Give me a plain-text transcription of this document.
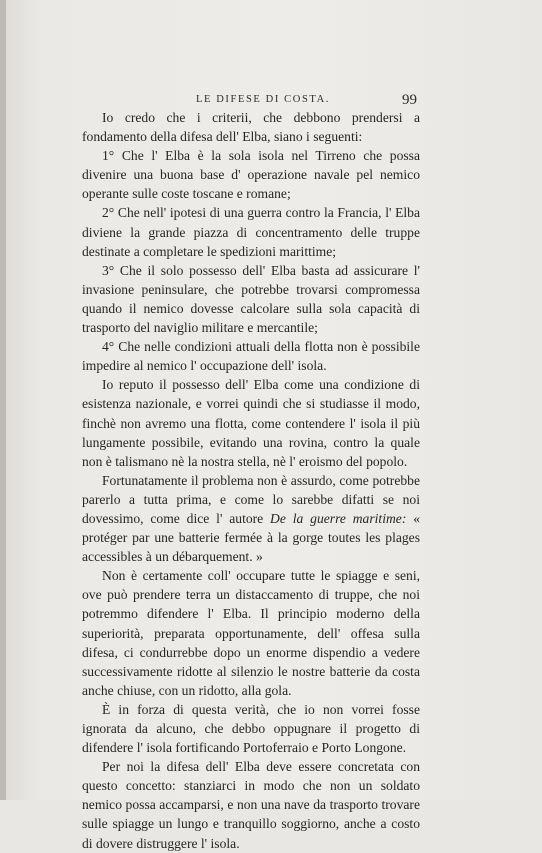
LE DIFESE DI COSTA.	99

Io credo che i criterii, che debbono prendersi a fondamento della difesa dell' Elba, siano i seguenti:

1° Che l' Elba è la sola isola nel Tirreno che possa divenire una buona base d' operazione navale pel nemico operante sulle coste toscane e romane;

2° Che nell' ipotesi di una guerra contro la Francia, l' Elba diviene la grande piazza di concentramento delle truppe destinate a completare le spedizioni marittime;

3° Che il solo possesso dell' Elba basta ad assicurare l' invasione peninsulare, che potrebbe trovarsi compromessa quando il nemico dovesse calcolare sulla sola capacità di trasporto del naviglio militare e mercantile;

4° Che nelle condizioni attuali della flotta non è possibile impedire al nemico l' occupazione dell' isola.

Io reputo il possesso dell' Elba come una condizione di esistenza nazionale, e vorrei quindi che si studiasse il modo, finchè non avremo una flotta, come contendere l' isola il più lungamente possibile, evitando una rovina, contro la quale non è talismano nè la nostra stella, nè l' eroismo del popolo.

Fortunatamente il problema non è assurdo, come potrebbe parerlo a tutta prima, e come lo sarebbe difatti se noi dovessimo, come dice l' autore De la guerre maritime: « protéger par une batterie fermée à la gorge toutes les plages accessibles à un débarquement. »

Non è certamente coll' occupare tutte le spiagge e seni, ove può prendere terra un distaccamento di truppe, che noi potremmo difendere l' Elba. Il principio moderno della superiorità, preparata opportunamente, dell' offesa sulla difesa, ci condurrebbe dopo un enorme dispendio a vedere successivamente ridotte al silenzio le nostre batterie da costa anche chiuse, con un ridotto, alla gola.

È in forza di questa verità, che io non vorrei fosse ignorata da alcuno, che debbo oppugnare il progetto di difendere l' isola fortificando Portoferraio e Porto Longone.

Per noi la difesa dell' Elba deve essere concretata con questo concetto: stanziarci in modo che non un soldato nemico possa accamparsi, e non una nave da trasporto trovare sulle spiagge un lungo e tranquillo soggiorno, anche a costo di dovere distruggere l' isola.
